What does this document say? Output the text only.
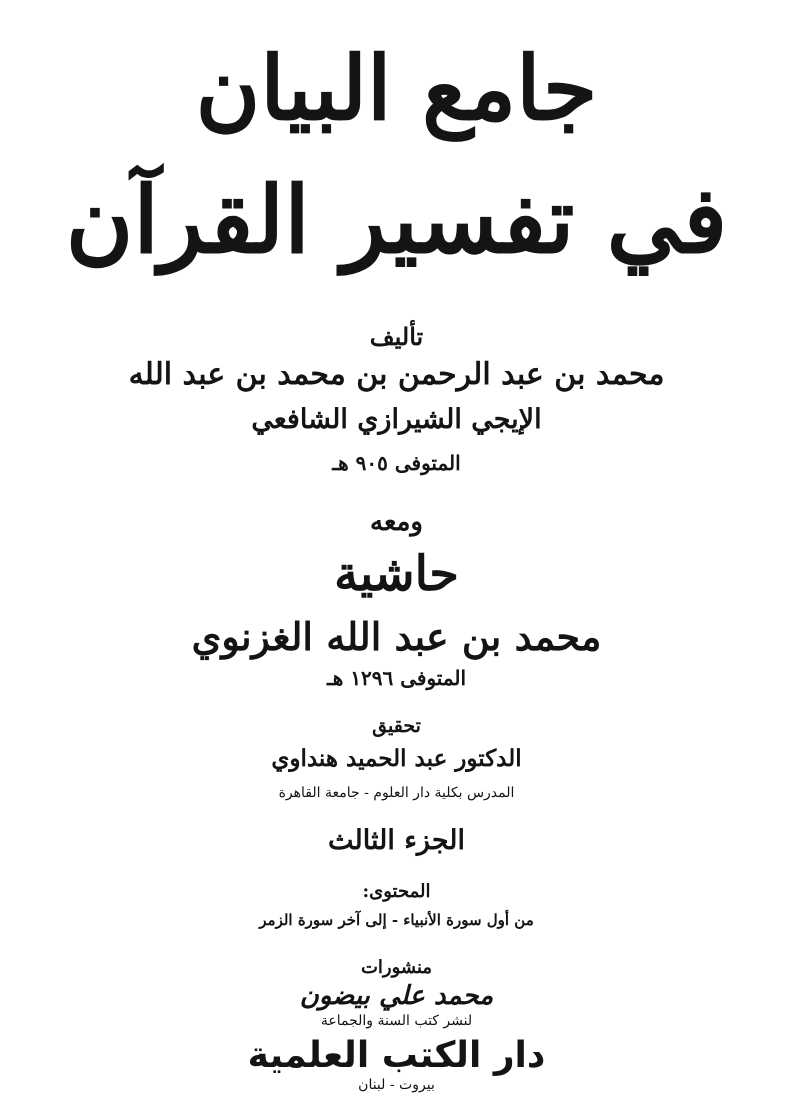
جامع البيان
في تفسير القرآن
تأليف
محمد بن عبد الرحمن بن محمد بن عبد الله
الإيجي الشيرازي الشافعي
المتوفى ٩٠٥ هـ
ومعه
حاشية
محمد بن عبد الله الغزنوي
المتوفى ١٢٩٦ هـ
تحقيق
الدكتور عبد الحميد هنداوي
المدرس بكلية دار العلوم - جامعة القاهرة
الجزء الثالث
المحتوى:
من أول سورة الأنبياء - إلى آخر سورة الزمر
منشورات
محمد علي بيضون
لنشر كتب السنة والجماعة
دار الكتب العلمية
بيروت - لبنان
